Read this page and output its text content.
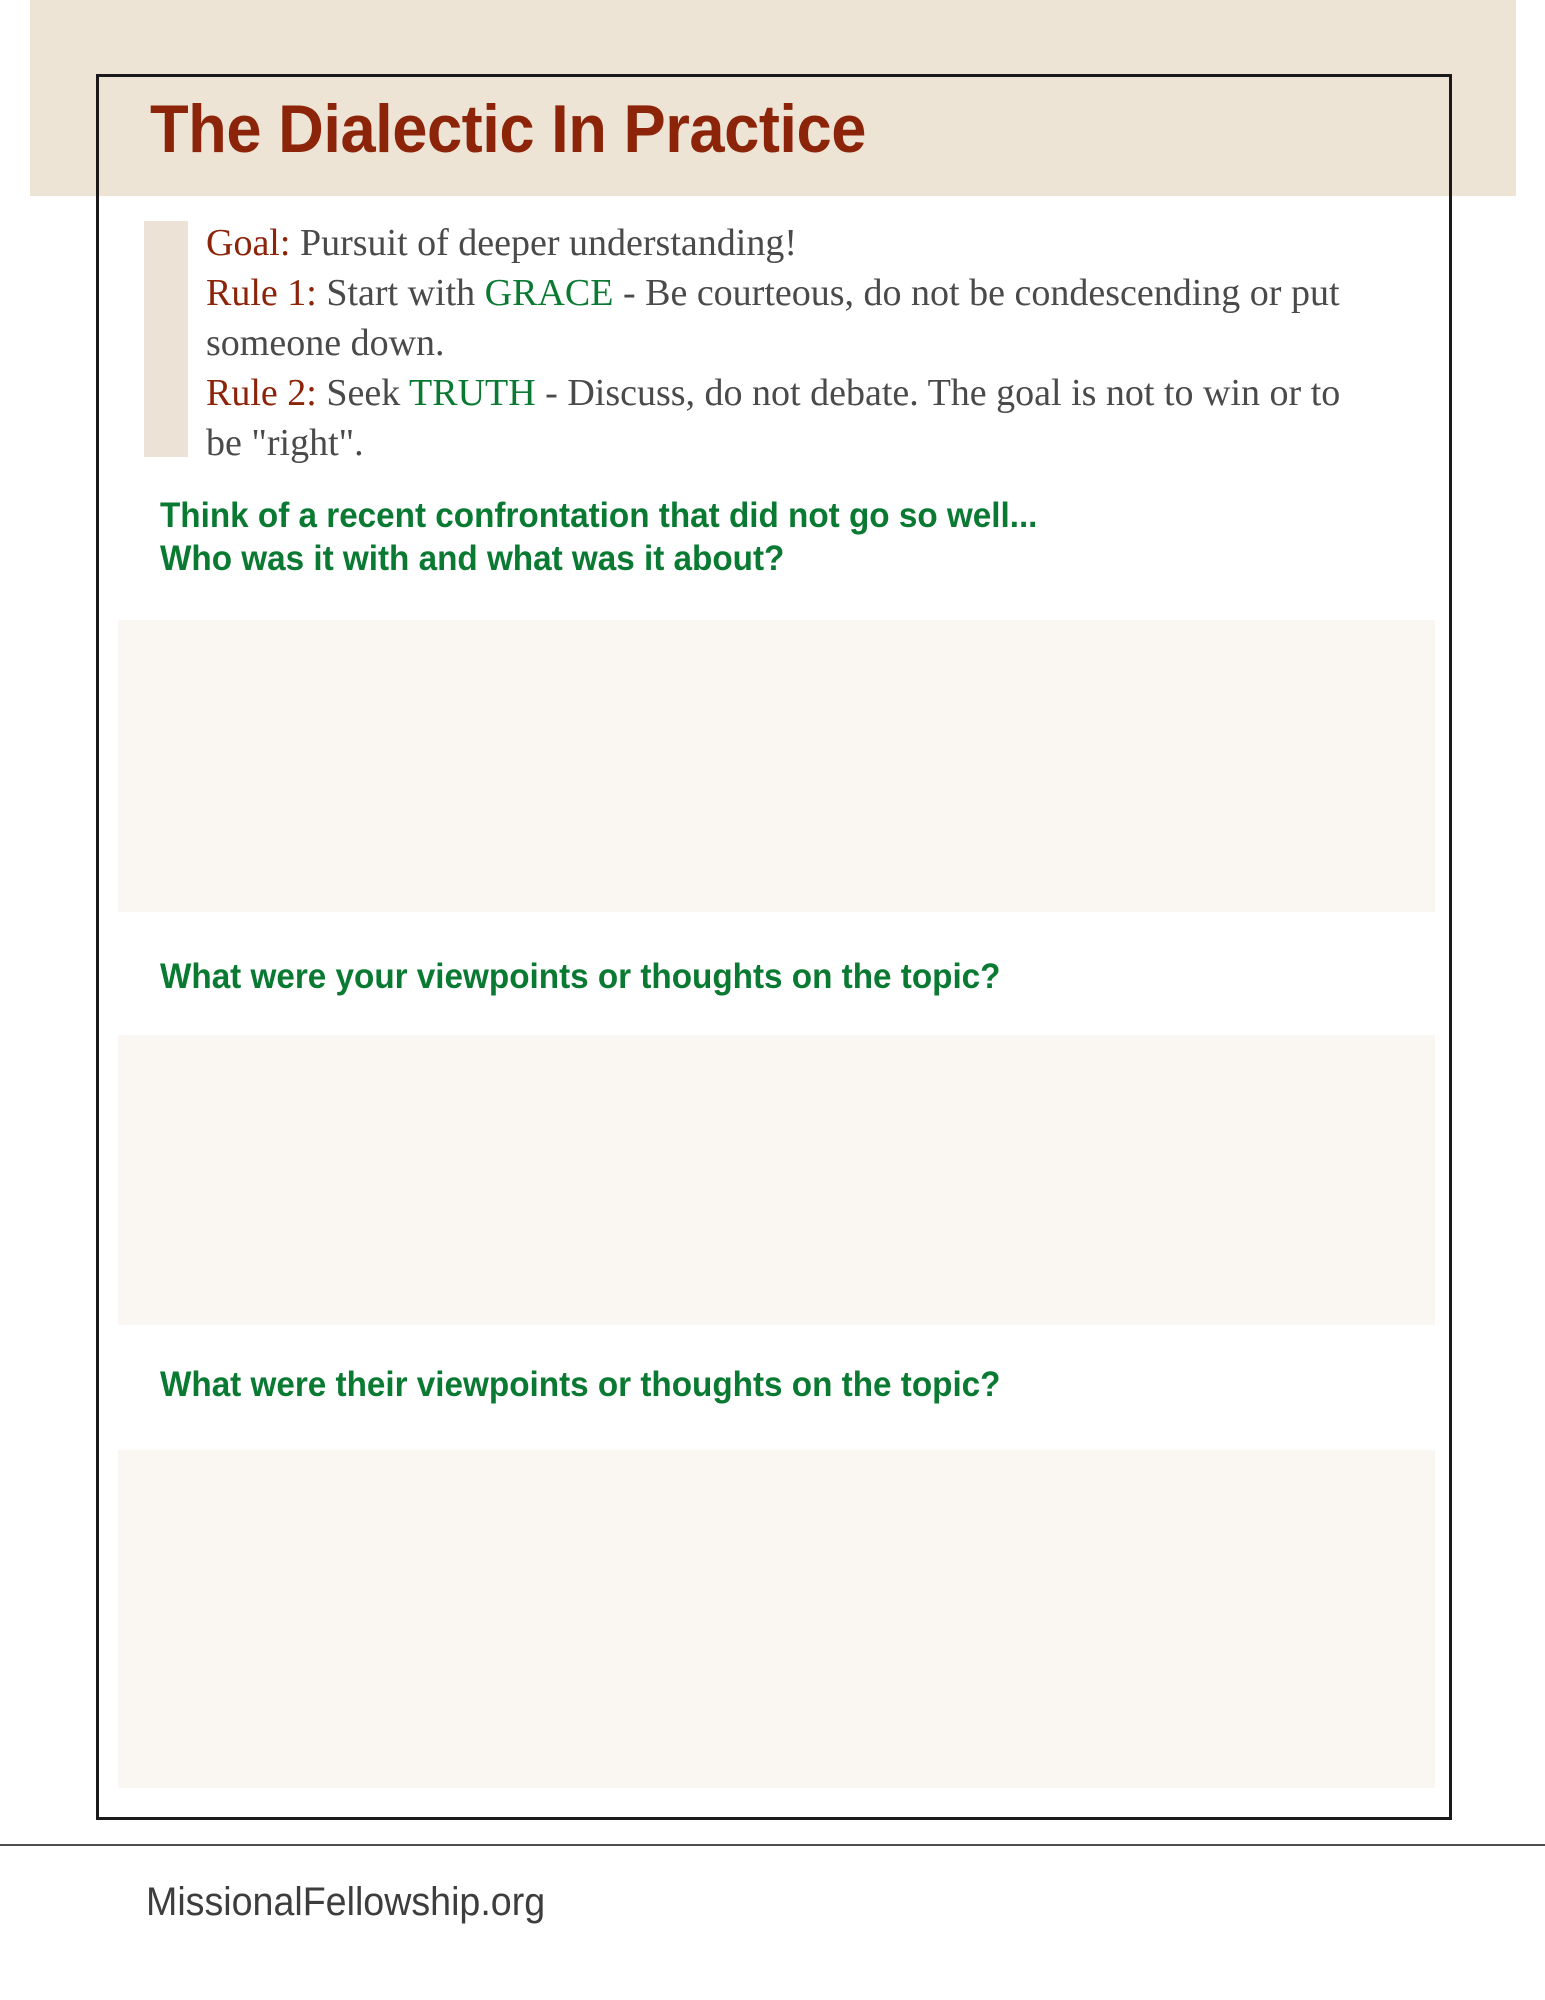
The Dialectic In Practice
Goal: Pursuit of deeper understanding!
Rule 1: Start with GRACE - Be courteous, do not be condescending or put someone down.
Rule 2: Seek TRUTH - Discuss, do not debate. The goal is not to win or to be "right".
Think of a recent confrontation that did not go so well...
Who was it with and what was it about?
What were your viewpoints or thoughts on the topic?
What were their viewpoints or thoughts on the topic?
MissionalFellowship.org
